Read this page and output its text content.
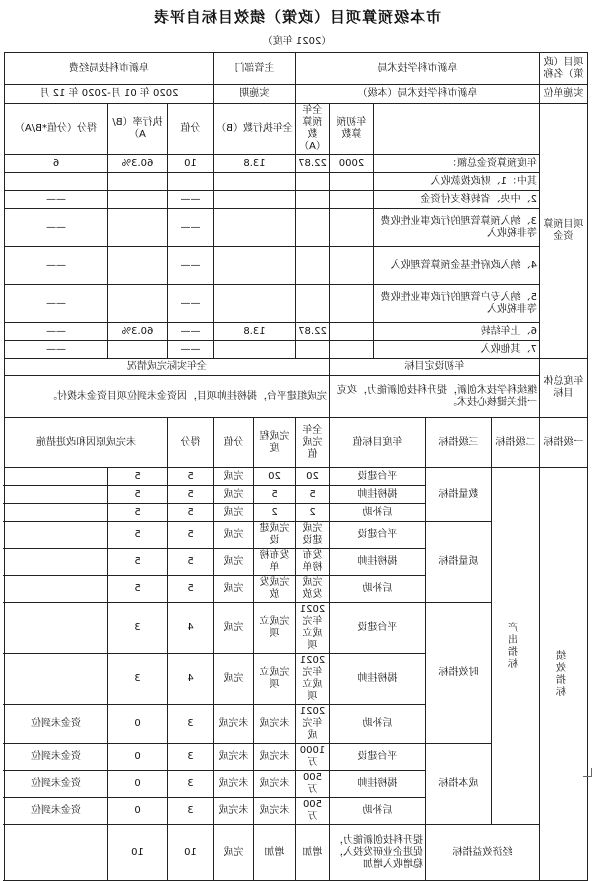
市本级预算项目（政策）绩效目标自评表
（2021 年度）
项目（政策）名称	阜新市科学技术局					主管部门		阜新市科技局经费		
实施单位	阜新市科学技术局（本级）					实施期		2020 年 01 月-2020 年 12 月		
项目预算资金				年初预算数	全年预算数（A）	全年执行数（B）		分值	执行率（B/A）	得分（分值*B/A）
	年度预算资金总额：			2000	22.87	13.8		10	60.3%	6
	其中：1、财政拨款收入									
	2、中央、省转移支付资金							——		——
	3、纳入预算管理的行政事业性收费等非税收入							——		——
	4、纳入政府性基金预算管理收入							——		——
	5、纳入专户管理的行政事业性收费等非税收入							——		——
	6、上年结转				22.87	13.8		——	60.3%	——
	7、其他收入							——		——
年度总体目标	年初设定目标				全年实际完成情况					
	继续科学技术创新，提升科技创新能力，攻克一批关键核心技术。				完成组建平台，揭榜挂帅项目，因资金未到位项目资金未拨付。					
一级指标	二级指标	三级指标	年度目标值		全年完成值	完成程度	分值	得分	未完成原因和改进措施	
绩效指标	产出指标	数量指标	平台建设		20	20	完成	5	5	
			揭榜挂帅		5	5	完成	5	5	
			后补助		2	2	完成	5	5	
		质量指标	平台建设		完成建设	完成建设	完成	5	5	
			揭榜挂帅		发布榜单	发布榜单	完成	5	5	
			后补助		完成发放	完成发放	完成	5	5	
		时效指标	平台建设		2021 年完成立项	完成立项	完成	4	3	
			揭榜挂帅		2021 年完成立项	完成立项	完成	4	3	
			后补助		2021 年完成	未完成	未完成	3	0	资金未到位
		成本指标	平台建设		1000 万	未完成	未完成	3	0	资金未到位
			揭榜挂帅		500 万	未完成	未完成	3	0	资金未到位
			后补助		500 万	未完成	未完成	3	0	资金未到位
	经济效益指标		提升科技创新能力，促进企业研发投入，稳增收入增加		增加	增加	完成	10	10	
